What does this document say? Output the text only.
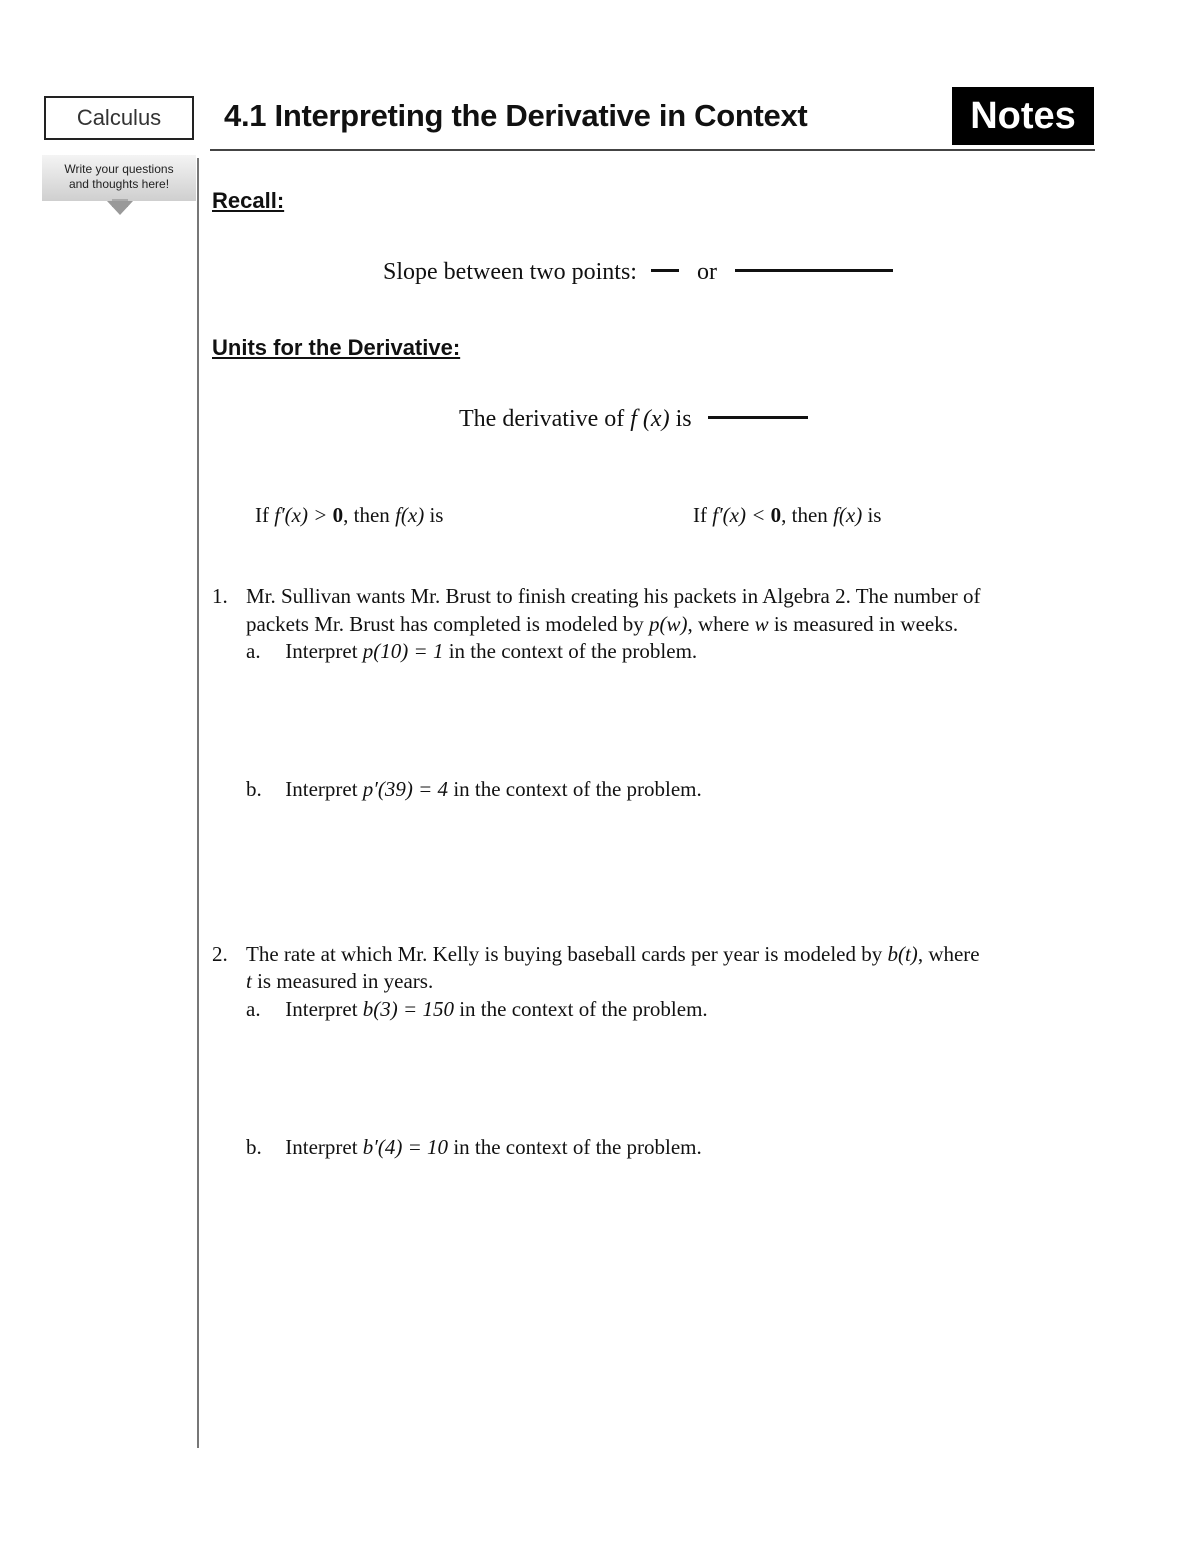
Calculus
Write your questions
and thoughts here!
4.1 Interpreting the Derivative in Context	Notes
Recall:
Slope between two points:	or
Units for the Derivative:
The derivative of f (x) is
If f′(x) > 0, then f(x) is	If f′(x) < 0, then f(x) is
1. Mr. Sullivan wants Mr. Brust to finish creating his packets in Algebra 2. The number of
packets Mr. Brust has completed is modeled by p(w), where w is measured in weeks.
a. Interpret p(10) = 1 in the context of the problem.
b. Interpret p′(39) = 4 in the context of the problem.
2. The rate at which Mr. Kelly is buying baseball cards per year is modeled by b(t), where
t is measured in years.
a. Interpret b(3) = 150 in the context of the problem.
b. Interpret b′(4) = 10 in the context of the problem.
